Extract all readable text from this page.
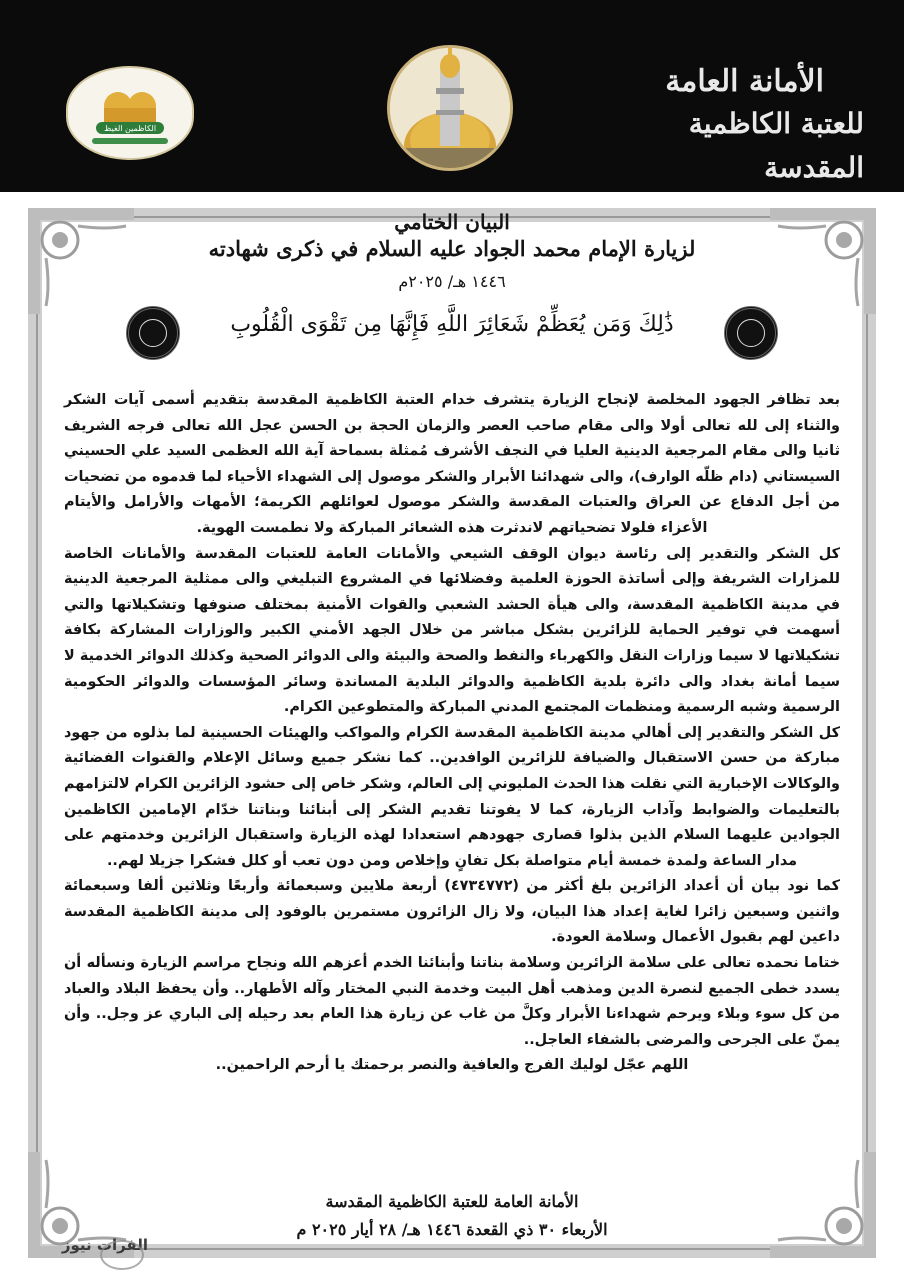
الأمانة العامة
للعتبة الكاظمية المقدسة
الكاظمين الغيظ
البيان الختامي
لزيارة الإمام محمد الجواد عليه السلام في ذكرى شهادته
١٤٤٦ هـ/ ٢٠٢٥م
ذَٰلِكَ وَمَن يُعَظِّمْ شَعَائِرَ اللَّهِ فَإِنَّهَا مِن تَقْوَى الْقُلُوبِ

بعد تظافر الجهود المخلصة لإنجاح الزيارة يتشرف خدام العتبة الكاظمية المقدسة بتقديم أسمى آيات الشكر والثناء إلى لله تعالى أولا والى مقام صاحب العصر والزمان الحجة بن الحسن عجل الله تعالى فرجه الشريف ثانيا والى مقام المرجعية الدينية العليا في النجف الأشرف مُمثلة بسماحة آية الله العظمى السيد علي الحسيني السيستاني (دام ظلّه الوارف)، والى شهدائنا الأبرار والشكر موصول إلى الشهداء الأحياء لما قدموه من تضحيات من أجل الدفاع عن العراق والعتبات المقدسة والشكر موصول لعوائلهم الكريمة؛ الأمهات والأرامل والأيتام الأعزاء فلولا تضحياتهم لاندثرت هذه الشعائر المباركة ولا نطمست الهوية.

كل الشكر والتقدير إلى رئاسة ديوان الوقف الشيعي والأمانات العامة للعتبات المقدسة والأمانات الخاصة للمزارات الشريفة وإلى أساتذة الحوزة العلمية وفضلائها في المشروع التبليغي والى ممثلية المرجعية الدينية في مدينة الكاظمية المقدسة، والى هيأة الحشد الشعبي والقوات الأمنية بمختلف صنوفها وتشكيلاتها والتي أسهمت في توفير الحماية للزائرين بشكل مباشر من خلال الجهد الأمني الكبير والوزارات المشاركة بكافة تشكيلاتها لا سيما وزارات النقل والكهرباء والنفط والصحة والبيئة والى الدوائر الصحية وكذلك الدوائر الخدمية لا سيما أمانة بغداد والى دائرة بلدية الكاظمية والدوائر البلدية المساندة وسائر المؤسسات والدوائر الحكومية الرسمية وشبه الرسمية ومنظمات المجتمع المدني المباركة والمتطوعين الكرام.

كل الشكر والتقدير إلى أهالي مدينة الكاظمية المقدسة الكرام والمواكب والهيئات الحسينية لما بذلوه من جهود مباركة من حسن الاستقبال والضيافة للزائرين الوافدين.. كما نشكر جميع وسائل الإعلام والقنوات الفضائية والوكالات الإخبارية التي نقلت هذا الحدث المليوني إلى العالم، وشكر خاص إلى حشود الزائرين الكرام لالتزامهم بالتعليمات والضوابط وآداب الزيارة، كما لا يفوتنا تقديم الشكر إلى أبنائنا وبناتنا خدّام الإمامين الكاظمين الجوادين عليهما السلام الذين بذلوا قصارى جهودهم استعدادا لهذه الزيارة واستقبال الزائرين وخدمتهم على مدار الساعة ولمدة خمسة أيام متواصلة بكل تفانٍ وإخلاص ومن دون تعب أو كلل فشكرا جزيلا لهم..

كما نود بيان أن أعداد الزائرين بلغ أكثر من (٤٧٣٤٧٧٢) أربعة ملايين وسبعمائة وأربعًا وثلاثين ألفا وسبعمائة واثنين وسبعين زائرا لغاية إعداد هذا البيان، ولا زال الزائرون مستمرين بالوفود إلى مدينة الكاظمية المقدسة داعين لهم بقبول الأعمال وسلامة العودة.

ختاما نحمده تعالى على سلامة الزائرين وسلامة بناتنا وأبنائنا الخدم أعزهم الله ونجاح مراسم الزيارة ونسأله أن يسدد خطى الجميع لنصرة الدين ومذهب أهل البيت وخدمة النبي المختار وآله الأطهار.. وأن يحفظ البلاد والعباد من كل سوء وبلاء ويرحم شهداءنا الأبرار وكلَّ من غاب عن زيارة هذا العام بعد رحيله إلى الباري عز وجل.. وأن يمنّ على الجرحى والمرضى بالشفاء العاجل..

اللهم عجّل لوليك الفرج والعافية والنصر برحمتك يا أرحم الراحمين..

الأمانة العامة للعتبة الكاظمية المقدسة
الأربعاء ٣٠ ذي القعدة ١٤٤٦ هـ/ ٢٨ أيار ٢٠٢٥ م
الفرات نيوز
